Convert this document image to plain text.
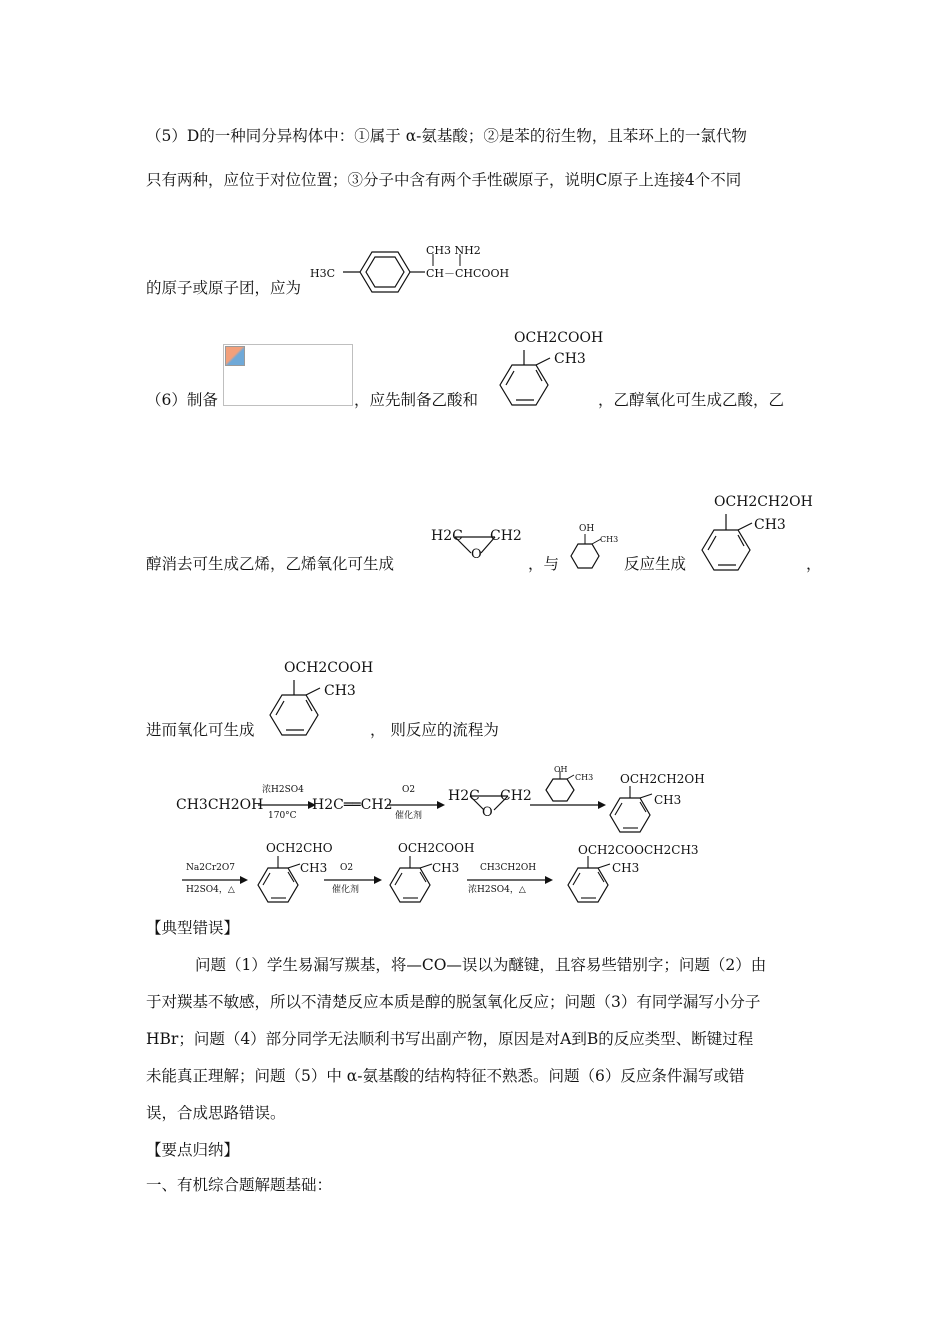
（5）D的一种同分异构体中：①属于 α-氨基酸；②是苯的衍生物，且苯环上的一氯代物
只有两种，应位于对位位置；③分子中含有两个手性碳原子，说明C原子上连接4个不同
的原子或原子团，应为
H3C
CH3 NH2
CH－CHCOOH
（6）制备	，应先制备乙酸和
OCH2COOH
CH3
，乙醇氧化可生成乙酸，乙
醇消去可生成乙烯，乙烯氧化可生成
H2C CH2
O
，与
OH
CH3
反应生成
OCH2CH2OH
CH3
，
进而氧化可生成
OCH2COOH
CH3
， 则反应的流程为
CH3CH2OH
浓H2SO4
170°C
H2C══CH2
O2
催化剂
H2C CH2
O
OH
CH3 OCH2CH2OH
CH3
Na2Cr2O7
H2SO4，△
OCH2CHO
CH3 O2
催化剂
OCH2COOH
CH3 CH3CH2OH
浓H2SO4，△
OCH2COOCH2CH3
CH3
【典型错误】
问题（1）学生易漏写羰基，将—CO—误以为醚键，且容易些错别字；问题（2）由
于对羰基不敏感，所以不清楚反应本质是醇的脱氢氧化反应；问题（3）有同学漏写小分子
HBr；问题（4）部分同学无法顺利书写出副产物，原因是对A到B的反应类型、断键过程
未能真正理解；问题（5）中 α-氨基酸的结构特征不熟悉。问题（6）反应条件漏写或错
误，合成思路错误。
【要点归纳】
一、有机综合题解题基础：
